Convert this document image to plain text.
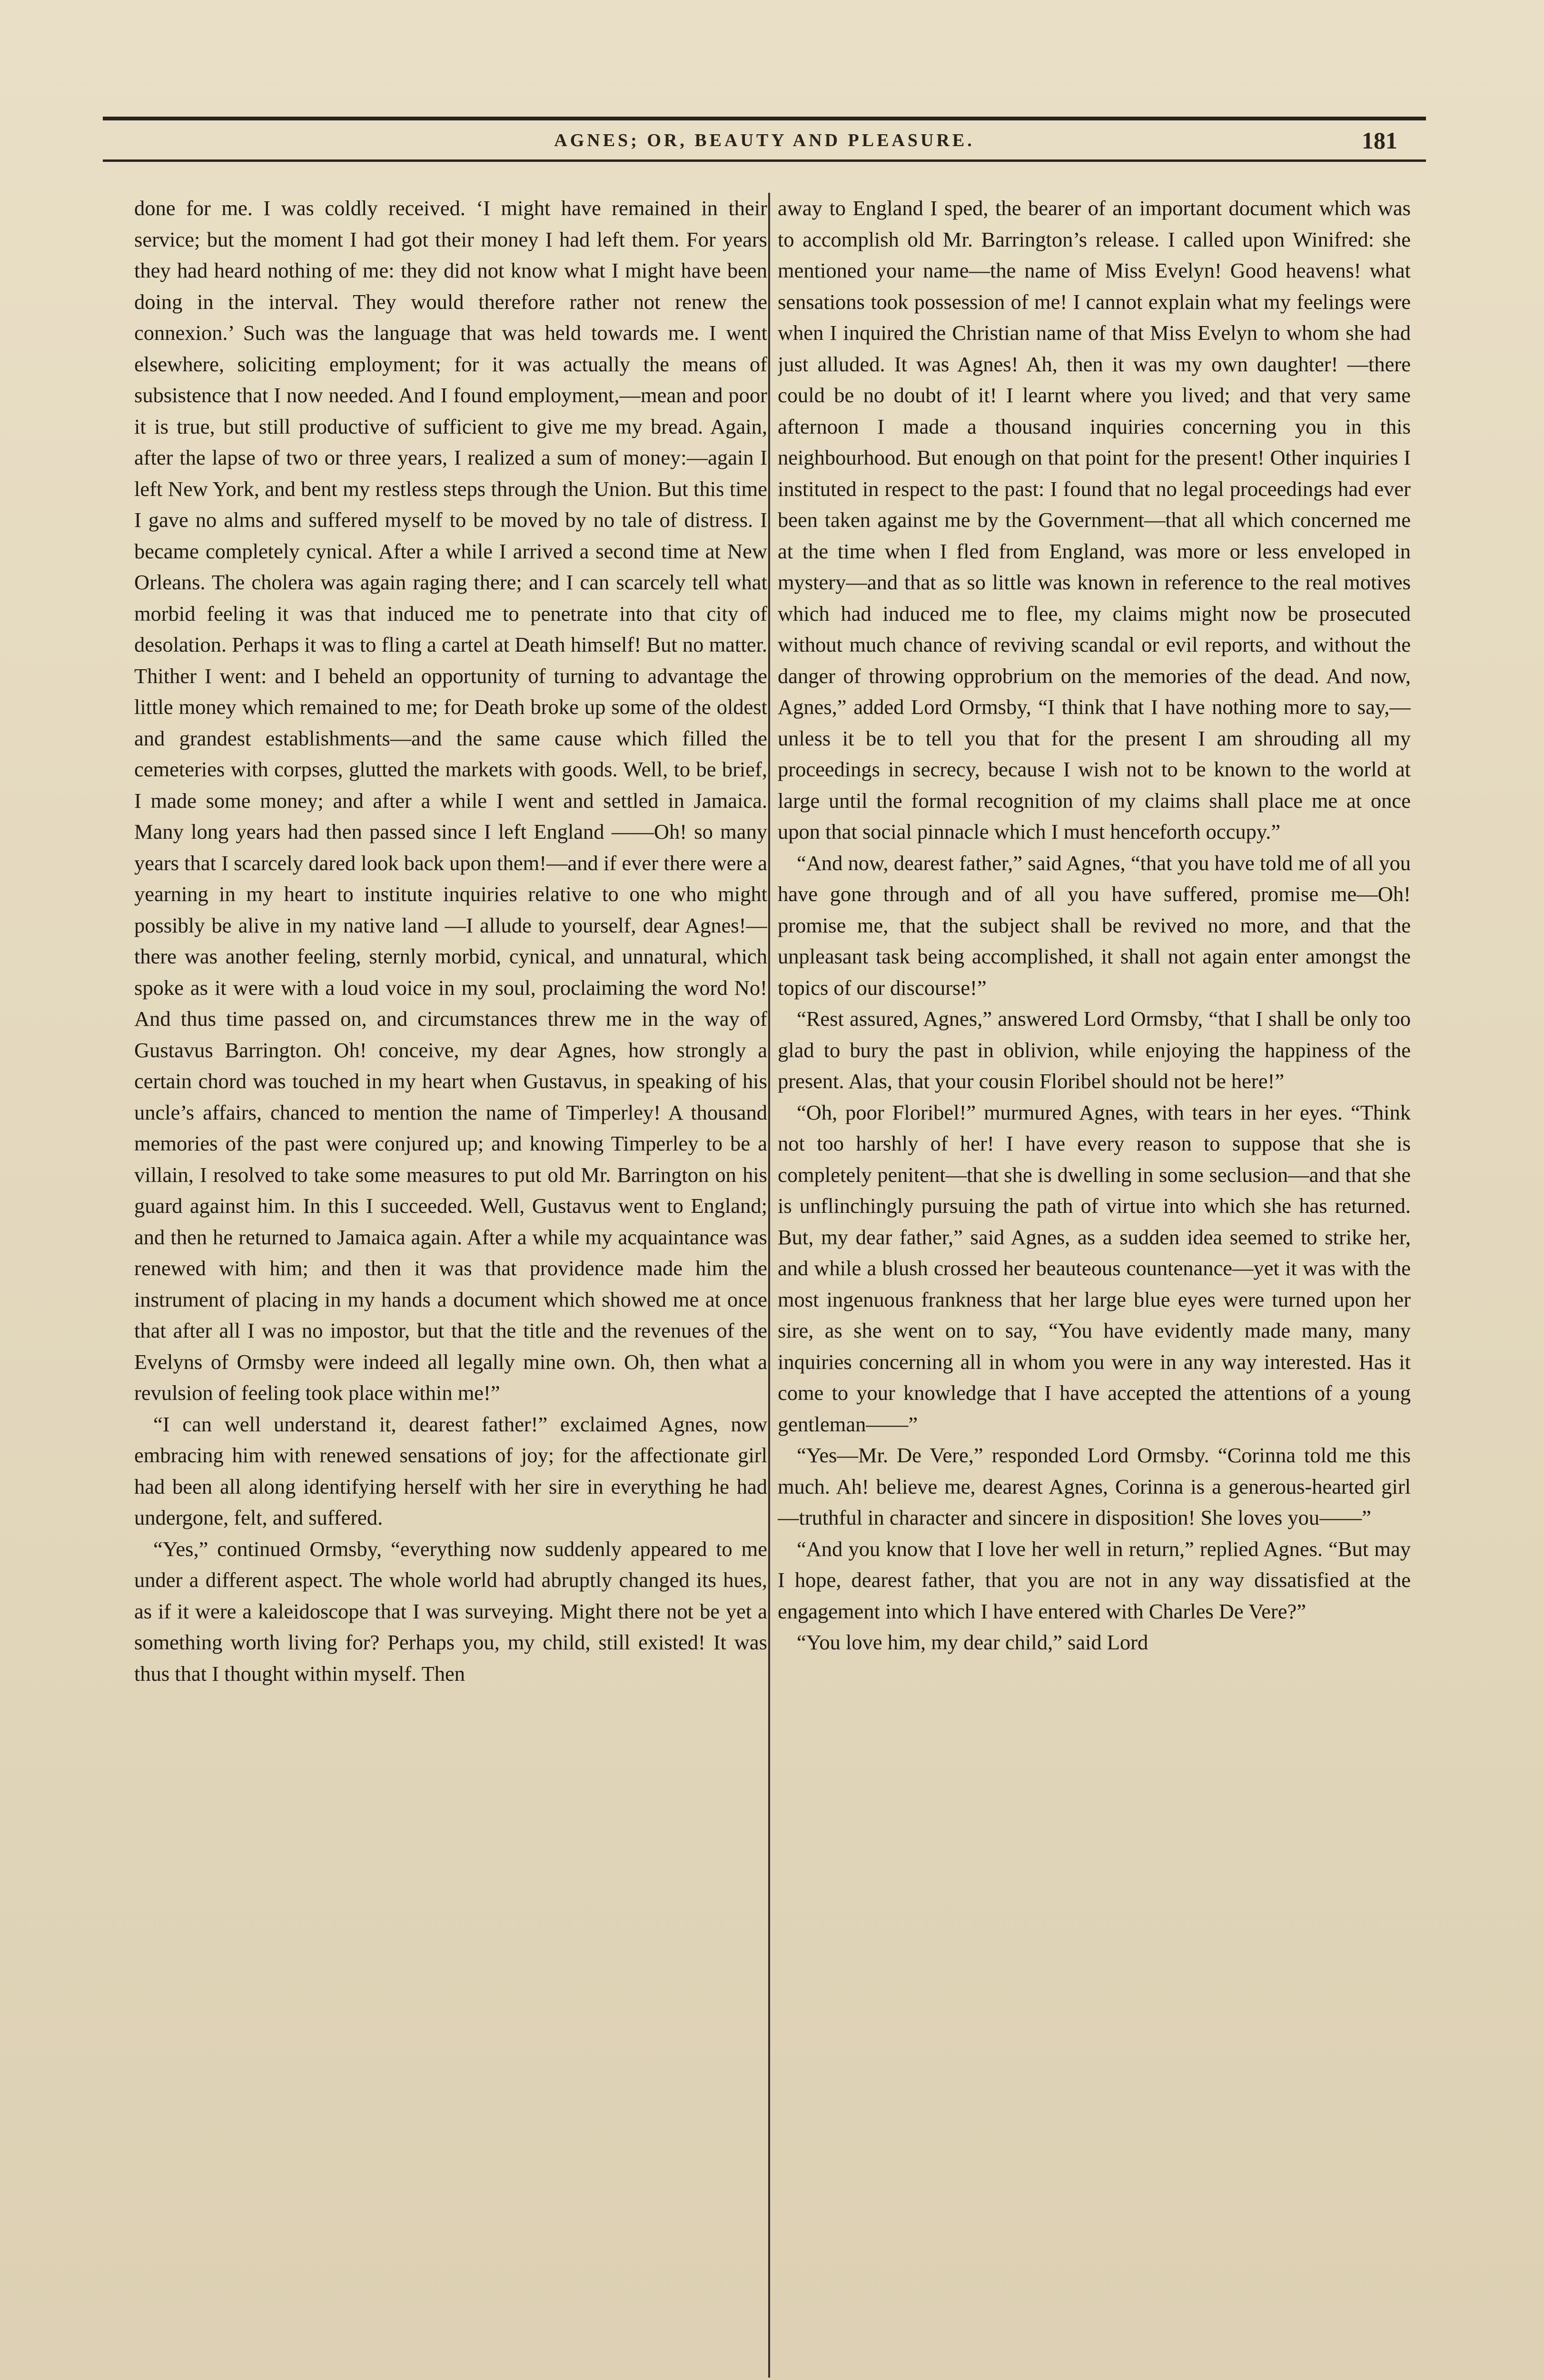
AGNES; OR, BEAUTY AND PLEASURE.	181

done for me. I was coldly received. ‘I might have remained in their service; but the moment I had got their money I had left them. For years they had heard nothing of me: they did not know what I might have been doing in the interval. They would therefore rather not renew the connexion.’ Such was the language that was held towards me. I went elsewhere, soliciting employment; for it was actually the means of subsistence that I now needed. And I found employment,—mean and poor it is true, but still productive of sufficient to give me my bread. Again, after the lapse of two or three years, I realized a sum of money:—again I left New York, and bent my restless steps through the Union. But this time I gave no alms and suffered myself to be moved by no tale of distress. I became completely cynical. After a while I arrived a second time at New Orleans. The cholera was again raging there; and I can scarcely tell what morbid feeling it was that induced me to penetrate into that city of desolation. Perhaps it was to fling a cartel at Death himself! But no matter. Thither I went: and I beheld an opportunity of turning to advantage the little money which remained to me; for Death broke up some of the oldest and grandest establishments—and the same cause which filled the cemeteries with corpses, glutted the markets with goods. Well, to be brief, I made some money; and after a while I went and settled in Jamaica. Many long years had then passed since I left England ——Oh! so many years that I scarcely dared look back upon them!—and if ever there were a yearning in my heart to institute inquiries relative to one who might possibly be alive in my native land —I allude to yourself, dear Agnes!—there was another feeling, sternly morbid, cynical, and unnatural, which spoke as it were with a loud voice in my soul, proclaiming the word No! And thus time passed on, and circumstances threw me in the way of Gustavus Barrington. Oh! conceive, my dear Agnes, how strongly a certain chord was touched in my heart when Gustavus, in speaking of his uncle’s affairs, chanced to mention the name of Timperley! A thousand memories of the past were conjured up; and knowing Timperley to be a villain, I resolved to take some measures to put old Mr. Barrington on his guard against him. In this I succeeded. Well, Gustavus went to England; and then he returned to Jamaica again. After a while my acquaintance was renewed with him; and then it was that providence made him the instrument of placing in my hands a document which showed me at once that after all I was no impostor, but that the title and the revenues of the Evelyns of Ormsby were indeed all legally mine own. Oh, then what a revulsion of feeling took place within me!”

“I can well understand it, dearest father!” exclaimed Agnes, now embracing him with renewed sensations of joy; for the affectionate girl had been all along identifying herself with her sire in everything he had undergone, felt, and suffered.

“Yes,” continued Ormsby, “everything now suddenly appeared to me under a different aspect. The whole world had abruptly changed its hues, as if it were a kaleidoscope that I was surveying. Might there not be yet a something worth living for? Perhaps you, my child, still existed! It was thus that I thought within myself. Then

away to England I sped, the bearer of an important document which was to accomplish old Mr. Barrington’s release. I called upon Winifred: she mentioned your name—the name of Miss Evelyn! Good heavens! what sensations took possession of me! I cannot explain what my feelings were when I inquired the Christian name of that Miss Evelyn to whom she had just alluded. It was Agnes! Ah, then it was my own daughter! —there could be no doubt of it! I learnt where you lived; and that very same afternoon I made a thousand inquiries concerning you in this neighbourhood. But enough on that point for the present! Other inquiries I instituted in respect to the past: I found that no legal proceedings had ever been taken against me by the Government—that all which concerned me at the time when I fled from England, was more or less enveloped in mystery—and that as so little was known in reference to the real motives which had induced me to flee, my claims might now be prosecuted without much chance of reviving scandal or evil reports, and without the danger of throwing opprobrium on the memories of the dead. And now, Agnes,” added Lord Ormsby, “I think that I have nothing more to say,—unless it be to tell you that for the present I am shrouding all my proceedings in secrecy, because I wish not to be known to the world at large until the formal recognition of my claims shall place me at once upon that social pinnacle which I must henceforth occupy.”

“And now, dearest father,” said Agnes, “that you have told me of all you have gone through and of all you have suffered, promise me—Oh! promise me, that the subject shall be revived no more, and that the unpleasant task being accomplished, it shall not again enter amongst the topics of our discourse!”

“Rest assured, Agnes,” answered Lord Ormsby, “that I shall be only too glad to bury the past in oblivion, while enjoying the happiness of the present. Alas, that your cousin Floribel should not be here!”

“Oh, poor Floribel!” murmured Agnes, with tears in her eyes. “Think not too harshly of her! I have every reason to suppose that she is completely penitent—that she is dwelling in some seclusion—and that she is unflinchingly pursuing the path of virtue into which she has returned. But, my dear father,” said Agnes, as a sudden idea seemed to strike her, and while a blush crossed her beauteous countenance—yet it was with the most ingenuous frankness that her large blue eyes were turned upon her sire, as she went on to say, “You have evidently made many, many inquiries concerning all in whom you were in any way interested. Has it come to your knowledge that I have accepted the attentions of a young gentleman——”

“Yes—Mr. De Vere,” responded Lord Ormsby. “Corinna told me this much. Ah! believe me, dearest Agnes, Corinna is a generous-hearted girl —truthful in character and sincere in disposition! She loves you——”

“And you know that I love her well in return,” replied Agnes. “But may I hope, dearest father, that you are not in any way dissatisfied at the engagement into which I have entered with Charles De Vere?”

“You love him, my dear child,” said Lord
